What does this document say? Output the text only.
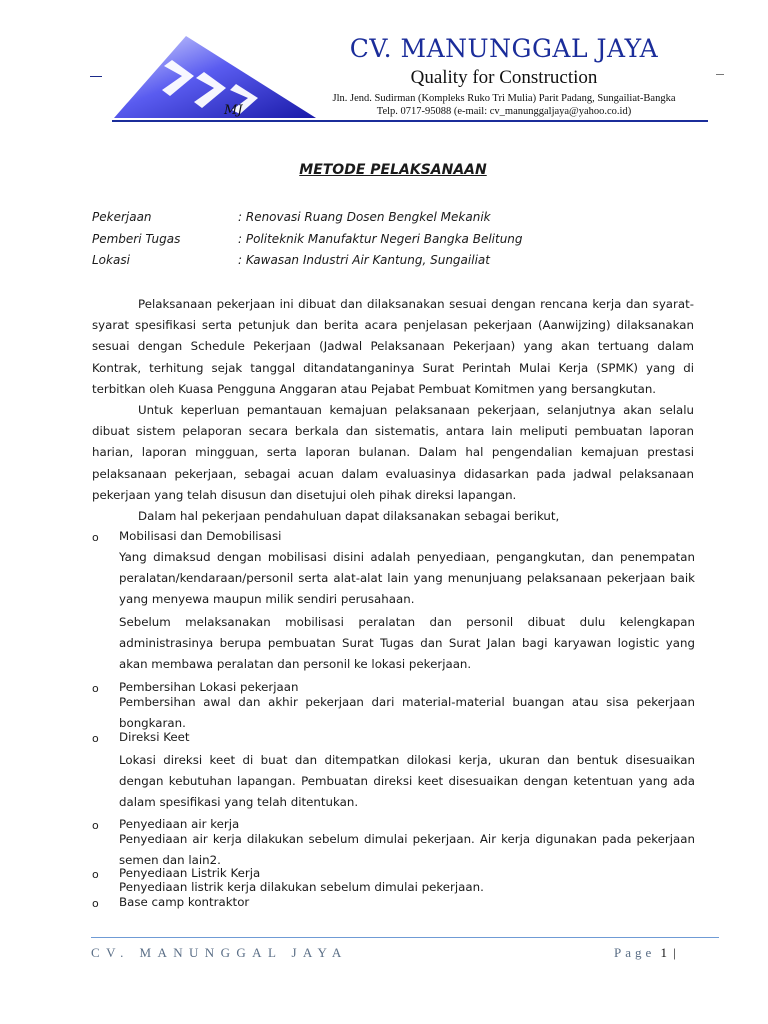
MJ
CV. MANUNGGAL JAYA
Quality for Construction
Jln. Jend. Sudirman (Kompleks Ruko Tri Mulia) Parit Padang, Sungailiat-Bangka
Telp. 0717-95088 (e-mail: cv_manunggaljaya@yahoo.co.id)
METODE PELAKSANAAN
Pekerjaan	: Renovasi Ruang Dosen Bengkel Mekanik
Pemberi Tugas	: Politeknik Manufaktur Negeri Bangka Belitung
Lokasi	: Kawasan Industri Air Kantung, Sungailiat

Pelaksanaan pekerjaan ini dibuat dan dilaksanakan sesuai dengan rencana kerja dan syarat-syarat spesifikasi serta petunjuk dan berita acara penjelasan pekerjaan (Aanwijzing) dilaksanakan sesuai dengan Schedule Pekerjaan (Jadwal Pelaksanaan Pekerjaan) yang akan tertuang dalam Kontrak, terhitung sejak tanggal ditandatanganinya Surat Perintah Mulai Kerja (SPMK) yang di terbitkan oleh Kuasa Pengguna Anggaran atau Pejabat Pembuat Komitmen yang bersangkutan.

Untuk keperluan pemantauan kemajuan pelaksanaan pekerjaan, selanjutnya akan selalu dibuat sistem pelaporan secara berkala dan sistematis, antara lain meliputi pembuatan laporan harian, laporan mingguan, serta laporan bulanan. Dalam hal pengendalian kemajuan prestasi pelaksanaan pekerjaan, sebagai acuan dalam evaluasinya didasarkan pada jadwal pelaksanaan pekerjaan yang telah disusun dan disetujui oleh pihak direksi lapangan.

Dalam hal pekerjaan pendahuluan dapat dilaksanakan sebagai berikut,

o Mobilisasi dan Demobilisasi

Yang dimaksud dengan mobilisasi disini adalah penyediaan, pengangkutan, dan penempatan peralatan/kendaraan/personil serta alat-alat lain yang menunjuang pelaksanaan pekerjaan baik yang menyewa maupun milik sendiri perusahaan.

Sebelum melaksanakan mobilisasi peralatan dan personil dibuat dulu kelengkapan administrasinya berupa pembuatan Surat Tugas dan Surat Jalan bagi karyawan logistic yang akan membawa peralatan dan personil ke lokasi pekerjaan.

o Pembersihan Lokasi pekerjaan

Pembersihan awal dan akhir pekerjaan dari material-material buangan atau sisa pekerjaan bongkaran.

o Direksi Keet

Lokasi direksi keet di buat dan ditempatkan dilokasi kerja, ukuran dan bentuk disesuaikan dengan kebutuhan lapangan. Pembuatan direksi keet disesuaikan dengan ketentuan yang ada dalam spesifikasi yang telah ditentukan.

o Penyediaan air kerja

Penyediaan air kerja dilakukan sebelum dimulai pekerjaan. Air kerja digunakan pada pekerjaan semen dan lain2.

o Penyediaan Listrik Kerja

Penyediaan listrik kerja dilakukan sebelum dimulai pekerjaan.

o Base camp kontraktor
CV. MANUNGGAL JAYA	Page 1 |
